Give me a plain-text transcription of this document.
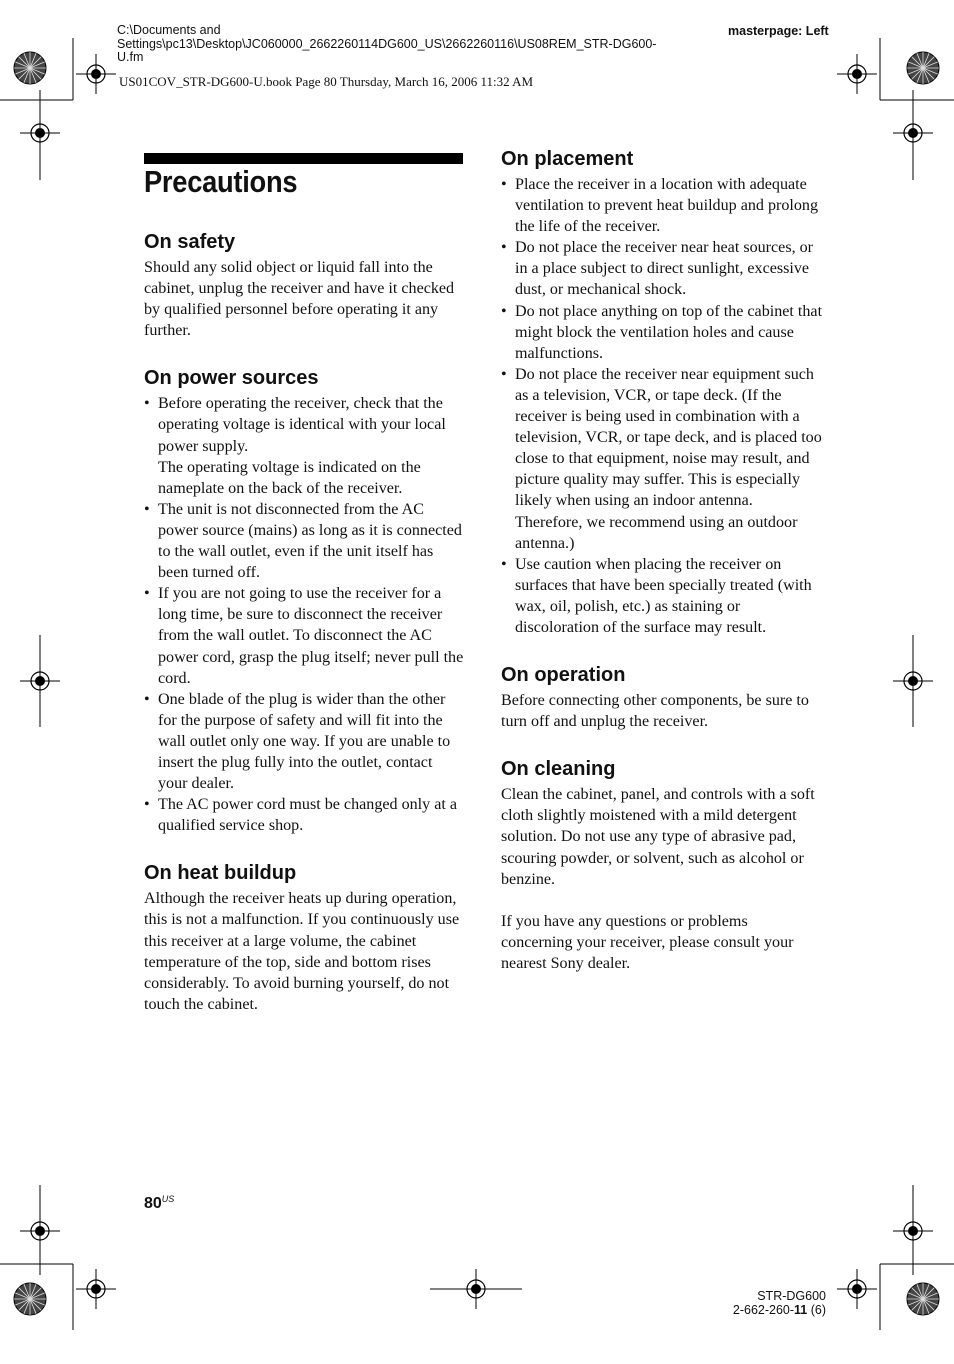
C:\Documents and
Settings\pc13\Desktop\JC060000_2662260114DG600_US\2662260116\US08REM_STR-DG600-
U.fm
masterpage: Left
US01COV_STR-DG600-U.book Page 80 Thursday, March 16, 2006 11:32 AM
Precautions
On safety

Should any solid object or liquid fall into the cabinet, unplug the receiver and have it checked by qualified personnel before operating it any further.

On power sources
• Before operating the receiver, check that the operating voltage is identical with your local power supply.
The operating voltage is indicated on the nameplate on the back of the receiver.
• The unit is not disconnected from the AC power source (mains) as long as it is connected to the wall outlet, even if the unit itself has been turned off.
• If you are not going to use the receiver for a long time, be sure to disconnect the receiver from the wall outlet. To disconnect the AC power cord, grasp the plug itself; never pull the cord.
• One blade of the plug is wider than the other for the purpose of safety and will fit into the wall outlet only one way. If you are unable to insert the plug fully into the outlet, contact your dealer.
• The AC power cord must be changed only at a qualified service shop.
On heat buildup

Although the receiver heats up during operation, this is not a malfunction. If you continuously use this receiver at a large volume, the cabinet temperature of the top, side and bottom rises considerably. To avoid burning yourself, do not touch the cabinet.

On placement
• Place the receiver in a location with adequate ventilation to prevent heat buildup and prolong the life of the receiver.
• Do not place the receiver near heat sources, or in a place subject to direct sunlight, excessive dust, or mechanical shock.
• Do not place anything on top of the cabinet that might block the ventilation holes and cause malfunctions.
• Do not place the receiver near equipment such as a television, VCR, or tape deck. (If the receiver is being used in combination with a television, VCR, or tape deck, and is placed too close to that equipment, noise may result, and picture quality may suffer. This is especially likely when using an indoor antenna. Therefore, we recommend using an outdoor antenna.)
• Use caution when placing the receiver on surfaces that have been specially treated (with wax, oil, polish, etc.) as staining or discoloration of the surface may result.
On operation

Before connecting other components, be sure to turn off and unplug the receiver.

On cleaning

Clean the cabinet, panel, and controls with a soft cloth slightly moistened with a mild detergent solution. Do not use any type of abrasive pad, scouring powder, or solvent, such as alcohol or benzine.

If you have any questions or problems concerning your receiver, please consult your nearest Sony dealer.

$80^{US}$
STR-DG600
2-662-260-11 (6)
